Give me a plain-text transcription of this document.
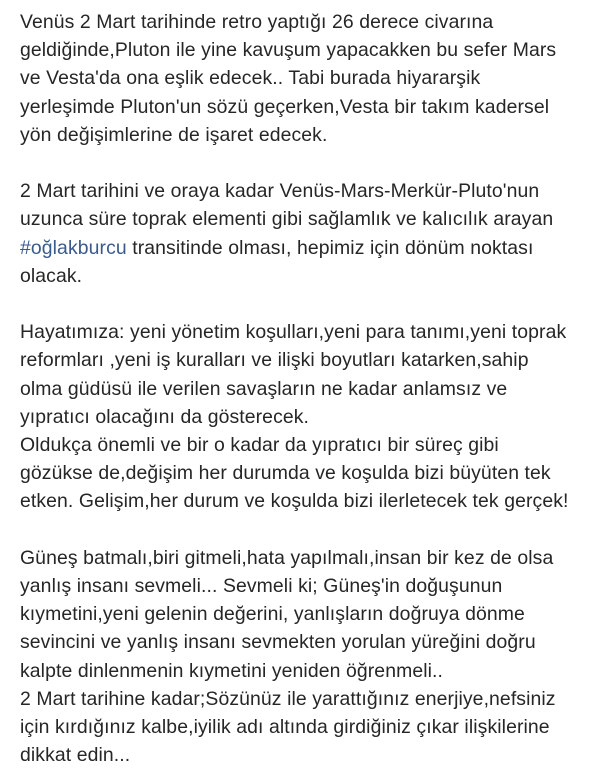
Venüs 2 Mart tarihinde retro yaptığı 26 derece civarına
geldiğinde,Pluton ile yine kavuşum yapacakken bu sefer Mars
ve Vesta'da ona eşlik edecek.. Tabi burada hiyararşik
yerleşimde Pluton'un sözü geçerken,Vesta bir takım kadersel
yön değişimlerine de işaret edecek.

2 Mart tarihini ve oraya kadar Venüs-Mars-Merkür-Pluto'nun
uzunca süre toprak elementi gibi sağlamlık ve kalıcılık arayan
#oğlakburcu transitinde olması, hepimiz için dönüm noktası
olacak.

Hayatımıza: yeni yönetim koşulları,yeni para tanımı,yeni toprak
reformları ,yeni iş kuralları ve ilişki boyutları katarken,sahip
olma güdüsü ile verilen savaşların ne kadar anlamsız ve
yıpratıcı olacağını da gösterecek.
Oldukça önemli ve bir o kadar da yıpratıcı bir süreç gibi
gözükse de,değişim her durumda ve koşulda bizi büyüten tek
etken. Gelişim,her durum ve koşulda bizi ilerletecek tek gerçek!

Güneş batmalı,biri gitmeli,hata yapılmalı,insan bir kez de olsa
yanlış insanı sevmeli... Sevmeli ki; Güneş'in doğuşunun
kıymetini,yeni gelenin değerini, yanlışların doğruya dönme
sevincini ve yanlış insanı sevmekten yorulan yüreğini doğru
kalpte dinlenmenin kıymetini yeniden öğrenmeli..
2 Mart tarihine kadar;Sözünüz ile yarattığınız enerjiye,nefsiniz
için kırdığınız kalbe,iyilik adı altında girdiğiniz çıkar ilişkilerine
dikkat edin...
